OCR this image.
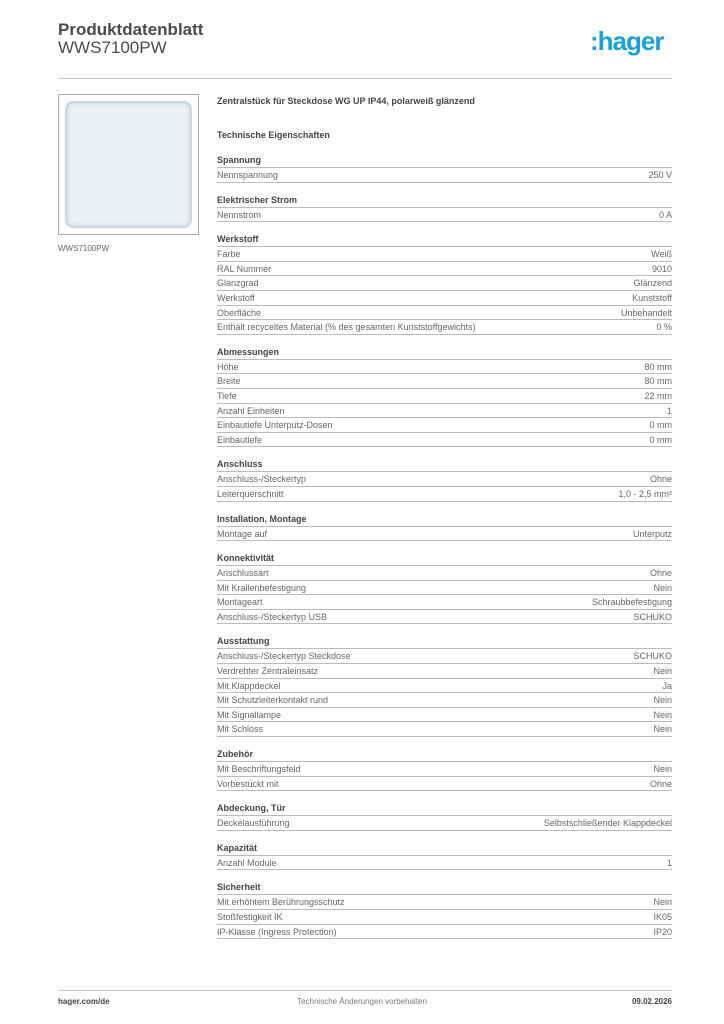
Produktdatenblatt
WWS7100PW	:hager
WWS7100PW
Zentralstück für Steckdose WG UP IP44, polarweiß glänzend
Technische Eigenschaften
Spannung
Nennspannung	250 V
Elektrischer Strom
Nennstrom	0 A
Werkstoff
Farbe	Weiß
RAL Nummer	9010
Glanzgrad	Glänzend
Werkstoff	Kunststoff
Oberfläche	Unbehandelt
Enthält recyceltes Material (% des gesamten Kunststoffgewichts)	0 %
Abmessungen
Höhe	80 mm
Breite	80 mm
Tiefe	22 mm
Anzahl Einheiten	1
Einbautiefe Unterputz-Dosen	0 mm
Einbautiefe	0 mm
Anschluss
Anschluss-/Steckertyp	Ohne
Leiterquerschnitt	1,0 - 2,5 mm²
Installation, Montage
Montage auf	Unterputz
Konnektivität
Anschlussart	Ohne
Mit Krallenbefestigung	Nein
Montageart	Schraubbefestigung
Anschluss-/Steckertyp USB	SCHUKO
Ausstattung
Anschluss-/Steckertyp Steckdose	SCHUKO
Verdrehter Zentraleinsatz	Nein
Mit Klappdeckel	Ja
Mit Schutzleiterkontakt rund	Nein
Mit Signallampe	Nein
Mit Schloss	Nein
Zubehör
Mit Beschriftungsfeld	Nein
Vorbestückt mit	Ohne
Abdeckung, Tür
Deckelausführung	Selbstschließender Klappdeckel
Kapazität
Anzahl Module	1
Sicherheit
Mit erhöhtem Berührungsschutz	Nein
Stoßfestigkeit IK	IK05
IP-Klasse (Ingress Protection)	IP20
hager.com/de	Technische Änderungen vorbehalten	09.02.2026
